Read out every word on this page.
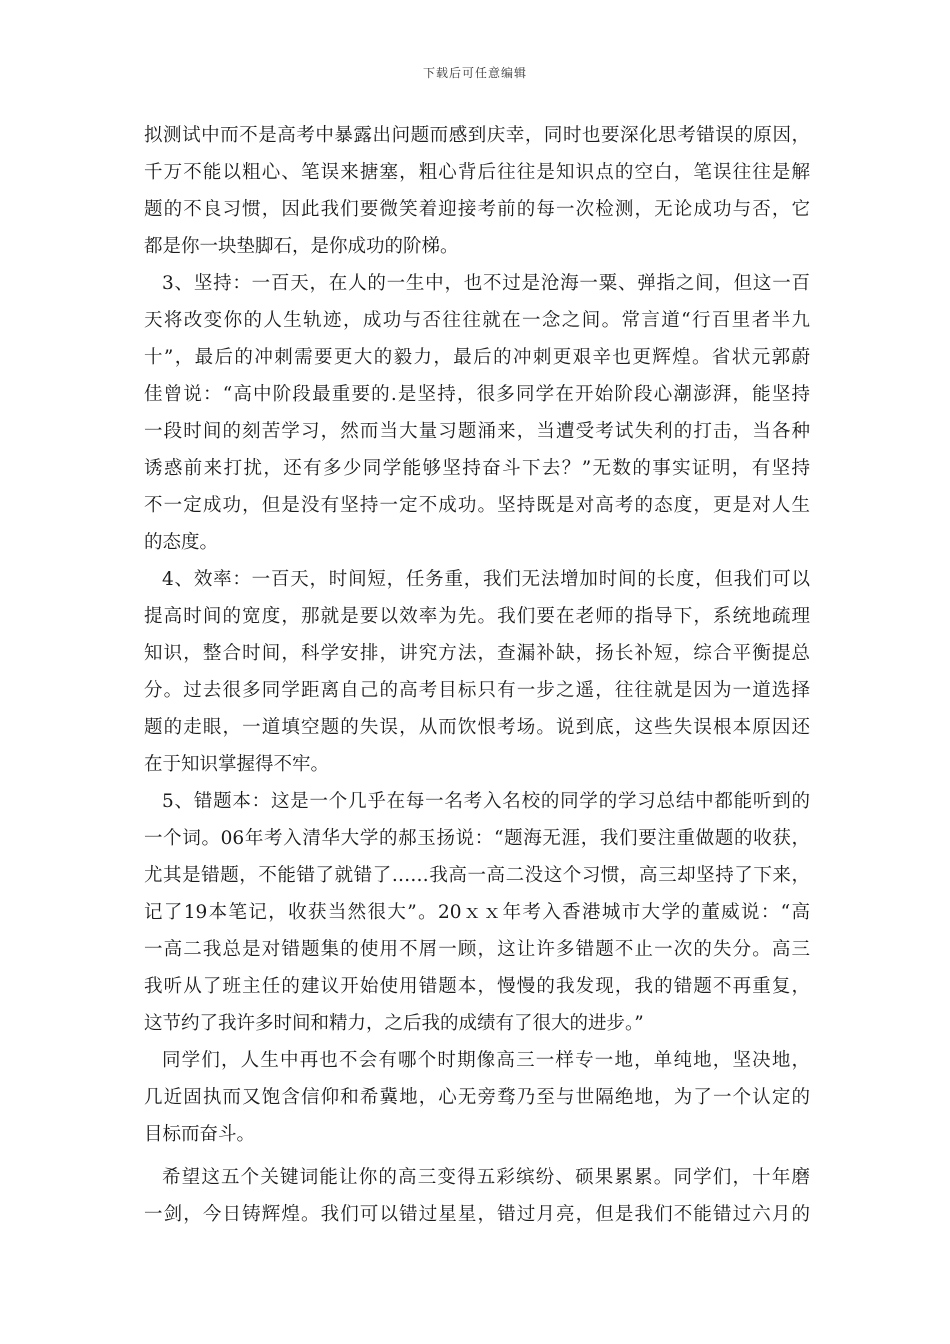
下载后可任意编辑
拟测试中而不是高考中暴露出问题而感到庆幸，同时也要深化思考错误的原因，
千万不能以粗心、笔误来搪塞，粗心背后往往是知识点的空白，笔误往往是解
题的不良习惯，因此我们要微笑着迎接考前的每一次检测，无论成功与否，它
都是你一块垫脚石，是你成功的阶梯。
3、坚持：一百天，在人的一生中，也不过是沧海一粟、弹指之间，但这一百
天将改变你的人生轨迹，成功与否往往就在一念之间。常言道“行百里者半九
十”，最后的冲刺需要更大的毅力，最后的冲刺更艰辛也更辉煌。省状元郭蔚
佳曾说：“高中阶段最重要的.是坚持，很多同学在开始阶段心潮澎湃，能坚持
一段时间的刻苦学习，然而当大量习题涌来，当遭受考试失利的打击，当各种
诱惑前来打扰，还有多少同学能够坚持奋斗下去？”无数的事实证明，有坚持
不一定成功，但是没有坚持一定不成功。坚持既是对高考的态度，更是对人生
的态度。
4、效率：一百天，时间短，任务重，我们无法增加时间的长度，但我们可以
提高时间的宽度，那就是要以效率为先。我们要在老师的指导下，系统地疏理
知识，整合时间，科学安排，讲究方法，查漏补缺，扬长补短，综合平衡提总
分。过去很多同学距离自己的高考目标只有一步之遥，往往就是因为一道选择
题的走眼，一道填空题的失误，从而饮恨考场。说到底，这些失误根本原因还
在于知识掌握得不牢。
5、错题本：这是一个几乎在每一名考入名校的同学的学习总结中都能听到的
一个词。06年考入清华大学的郝玉扬说：“题海无涯，我们要注重做题的收获，
尤其是错题，不能错了就错了……我高一高二没这个习惯，高三却坚持了下来，
记了19本笔记，收获当然很大”。20ｘｘ年考入香港城市大学的董威说：“高
一高二我总是对错题集的使用不屑一顾，这让许多错题不止一次的失分。高三
我听从了班主任的建议开始使用错题本，慢慢的我发现，我的错题不再重复，
这节约了我许多时间和精力，之后我的成绩有了很大的进步。”
同学们，人生中再也不会有哪个时期像高三一样专一地，单纯地，坚决地，
几近固执而又饱含信仰和希冀地，心无旁骛乃至与世隔绝地，为了一个认定的
目标而奋斗。
希望这五个关键词能让你的高三变得五彩缤纷、硕果累累。同学们，十年磨
一剑，今日铸辉煌。我们可以错过星星，错过月亮，但是我们不能错过六月的
